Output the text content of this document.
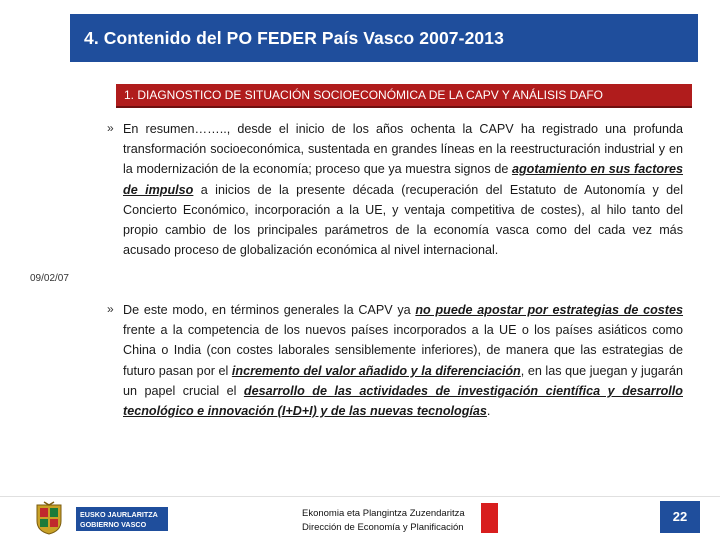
4. Contenido del PO FEDER País Vasco 2007-2013
1. DIAGNOSTICO DE SITUACIÓN SOCIOECONÓMICA DE LA CAPV Y ANÁLISIS DAFO
09/02/07
» En resumen…….., desde el inicio de los años ochenta la CAPV ha registrado una profunda transformación socioeconómica, sustentada en grandes líneas en la reestructuración industrial y en la modernización de la economía; proceso que ya muestra signos de agotamiento en sus factores de impulso a inicios de la presente década (recuperación del Estatuto de Autonomía y del Concierto Económico, incorporación a la UE, y ventaja competitiva de costes), al hilo tanto del propio cambio de los principales parámetros de la economía vasca como del cada vez más acusado proceso de globalización económica al nivel internacional.

» De este modo, en términos generales la CAPV ya no puede apostar por estrategias de costes frente a la competencia de los nuevos países incorporados a la UE o los países asiáticos como China o India (con costes laborales sensiblemente inferiores), de manera que las estrategias de futuro pasan por el incremento del valor añadido y la diferenciación, en las que juegan y jugarán un papel crucial el desarrollo de las actividades de investigación científica y desarrollo tecnológico e innovación (I+D+I) y de las nuevas tecnologías.

EUSKO JAURLARITZA
GOBIERNO VASCO
Ekonomia eta Plangintza Zuzendaritza
Dirección de Economía y Planificación
22
